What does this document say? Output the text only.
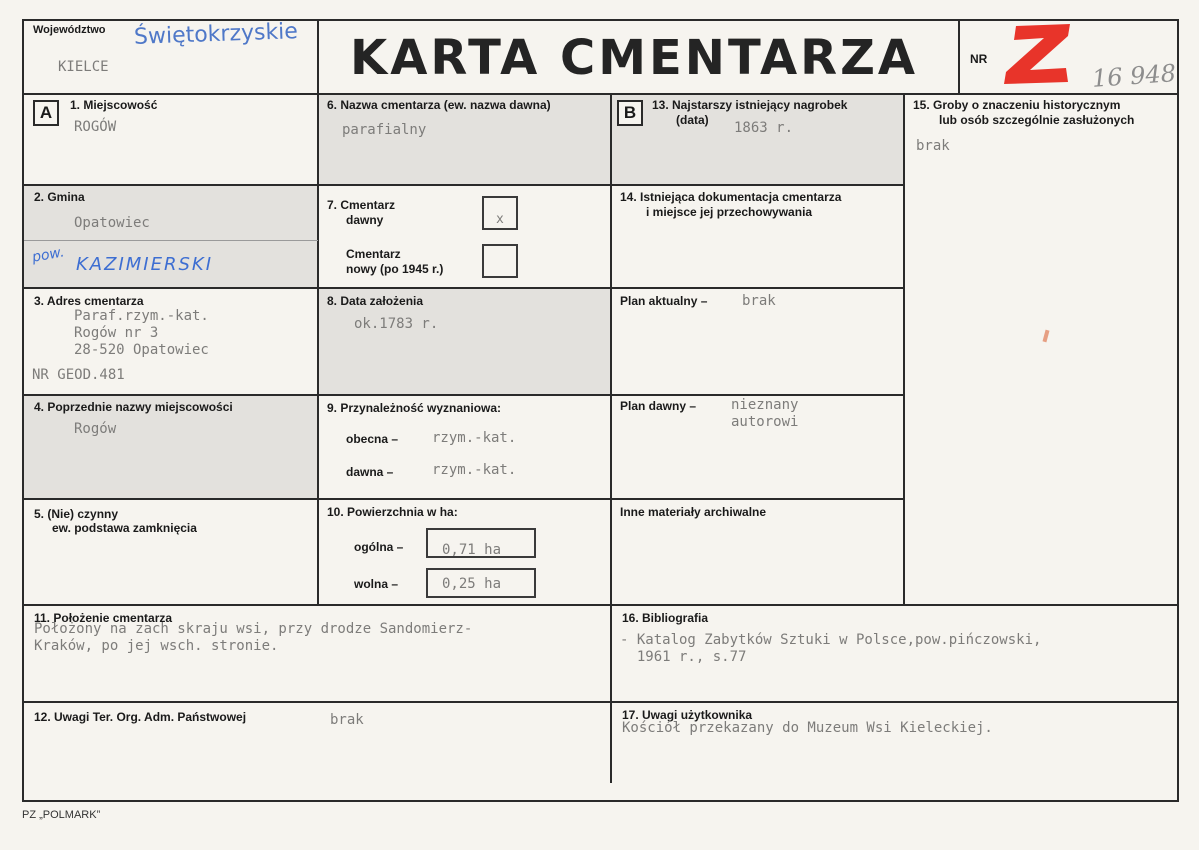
Województwo Świętokrzyskie
KIELCE	KARTA CMENTARZA	NR
16 948
A	B
1. Miejscowość
ROGÓW
2. Gmina
Opatowiec
pow. KAZIMIERSKI
3. Adres cmentarza
Paraf.rzym.-kat.
Rogów nr 3
28-520 Opatowiec
NR GEOD.481
4. Poprzednie nazwy miejscowości
Rogów
5. (Nie) czynny
ew. podstawa zamknięcia
6. Nazwa cmentarza (ew. nazwa dawna)
parafialny
7. Cmentarz
dawny	x
Cmentarz
nowy (po 1945 r.)
8. Data założenia
ok.1783 r.
9. Przynależność wyznaniowa:
obecna – rzym.-kat.
dawna –	rzym.-kat.
10. Powierzchnia w ha:
ogólna –	0,71 ha
wolna –	0,25 ha
13. Najstarszy istniejący nagrobek
(data) 1863 r.
14. Istniejąca dokumentacja cmentarza
i miejsce jej przechowywania
Plan aktualny – brak
Plan dawny – nieznany
autorowi
Inne materiały archiwalne
15. Groby o znaczeniu historycznym
lub osób szczególnie zasłużonych
brak
11. Położenie cmentarza
Położony na zach skraju wsi, przy drodze Sandomierz-
Kraków, po jej wsch. stronie.
16. Bibliografia
- Katalog Zabytków Sztuki w Polsce,pow.pińczowski,
1961 r., s.77
12. Uwagi Ter. Org. Adm. Państwowej	brak	17. Uwagi użytkownika
Kościół przekazany do Muzeum Wsi Kieleckiej.
PZ „POLMARK”
